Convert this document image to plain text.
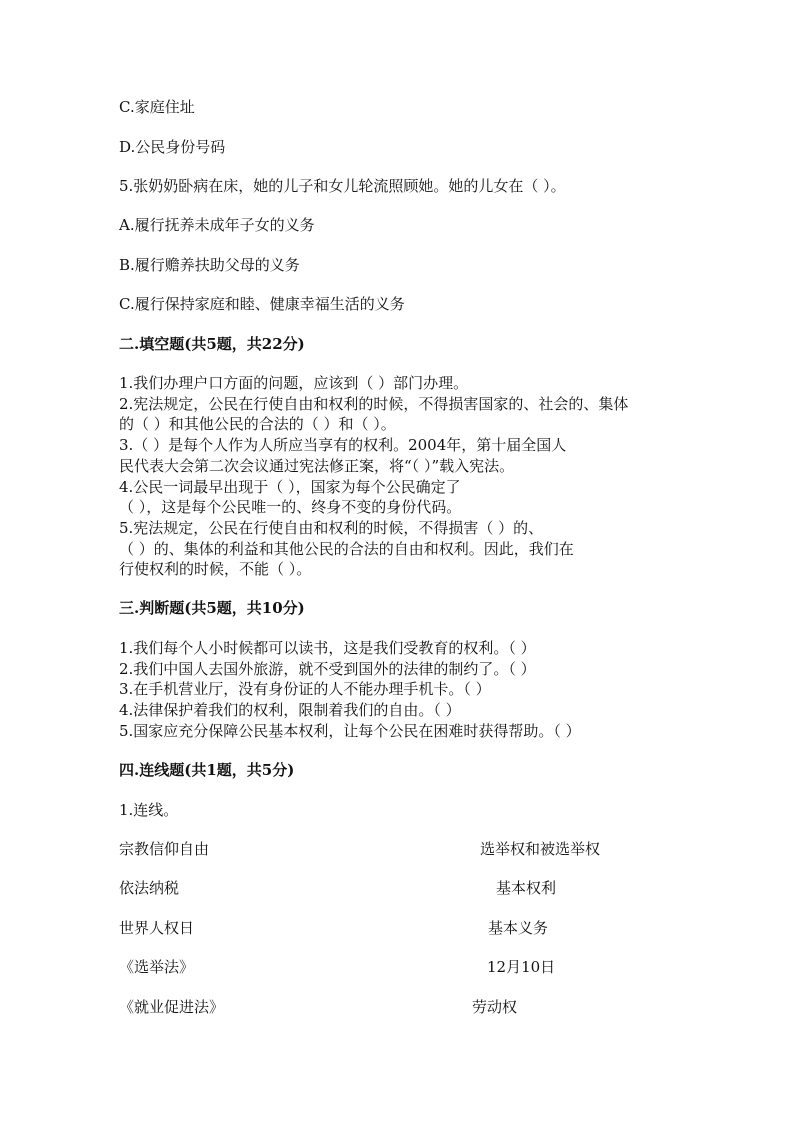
C.家庭住址
D.公民身份号码
5.张奶奶卧病在床，她的儿子和女儿轮流照顾她。她的儿女在（ ）。
A.履行抚养未成年子女的义务
B.履行赡养扶助父母的义务
C.履行保持家庭和睦、健康幸福生活的义务
二.填空题(共5题，共22分)
1.我们办理户口方面的问题，应该到（ ）部门办理。
2.宪法规定，公民在行使自由和权利的时候，不得损害国家的、社会的、集体
的（ ）和其他公民的合法的（ ）和（ ）。
3.（ ）是每个人作为人所应当享有的权利。2004年，第十届全国人
民代表大会第二次会议通过宪法修正案，将“（ ）”载入宪法。
4.公民一词最早出现于（ ），国家为每个公民确定了
（ ），这是每个公民唯一的、终身不变的身份代码。
5.宪法规定，公民在行使自由和权利的时候，不得损害（ ）的、
（ ）的、集体的利益和其他公民的合法的自由和权利。因此，我们在
行使权利的时候，不能（ ）。
三.判断题(共5题，共10分)
1.我们每个人小时候都可以读书，这是我们受教育的权利。（ ）
2.我们中国人去国外旅游，就不受到国外的法律的制约了。（ ）
3.在手机营业厅，没有身份证的人不能办理手机卡。（ ）
4.法律保护着我们的权利，限制着我们的自由。（ ）
5.国家应充分保障公民基本权利，让每个公民在困难时获得帮助。（ ）
四.连线题(共1题，共5分)
1.连线。
宗教信仰自由	选举权和被选举权
依法纳税	基本权利
世界人权日	基本义务
《选举法》	12月10日
《就业促进法》	劳动权
